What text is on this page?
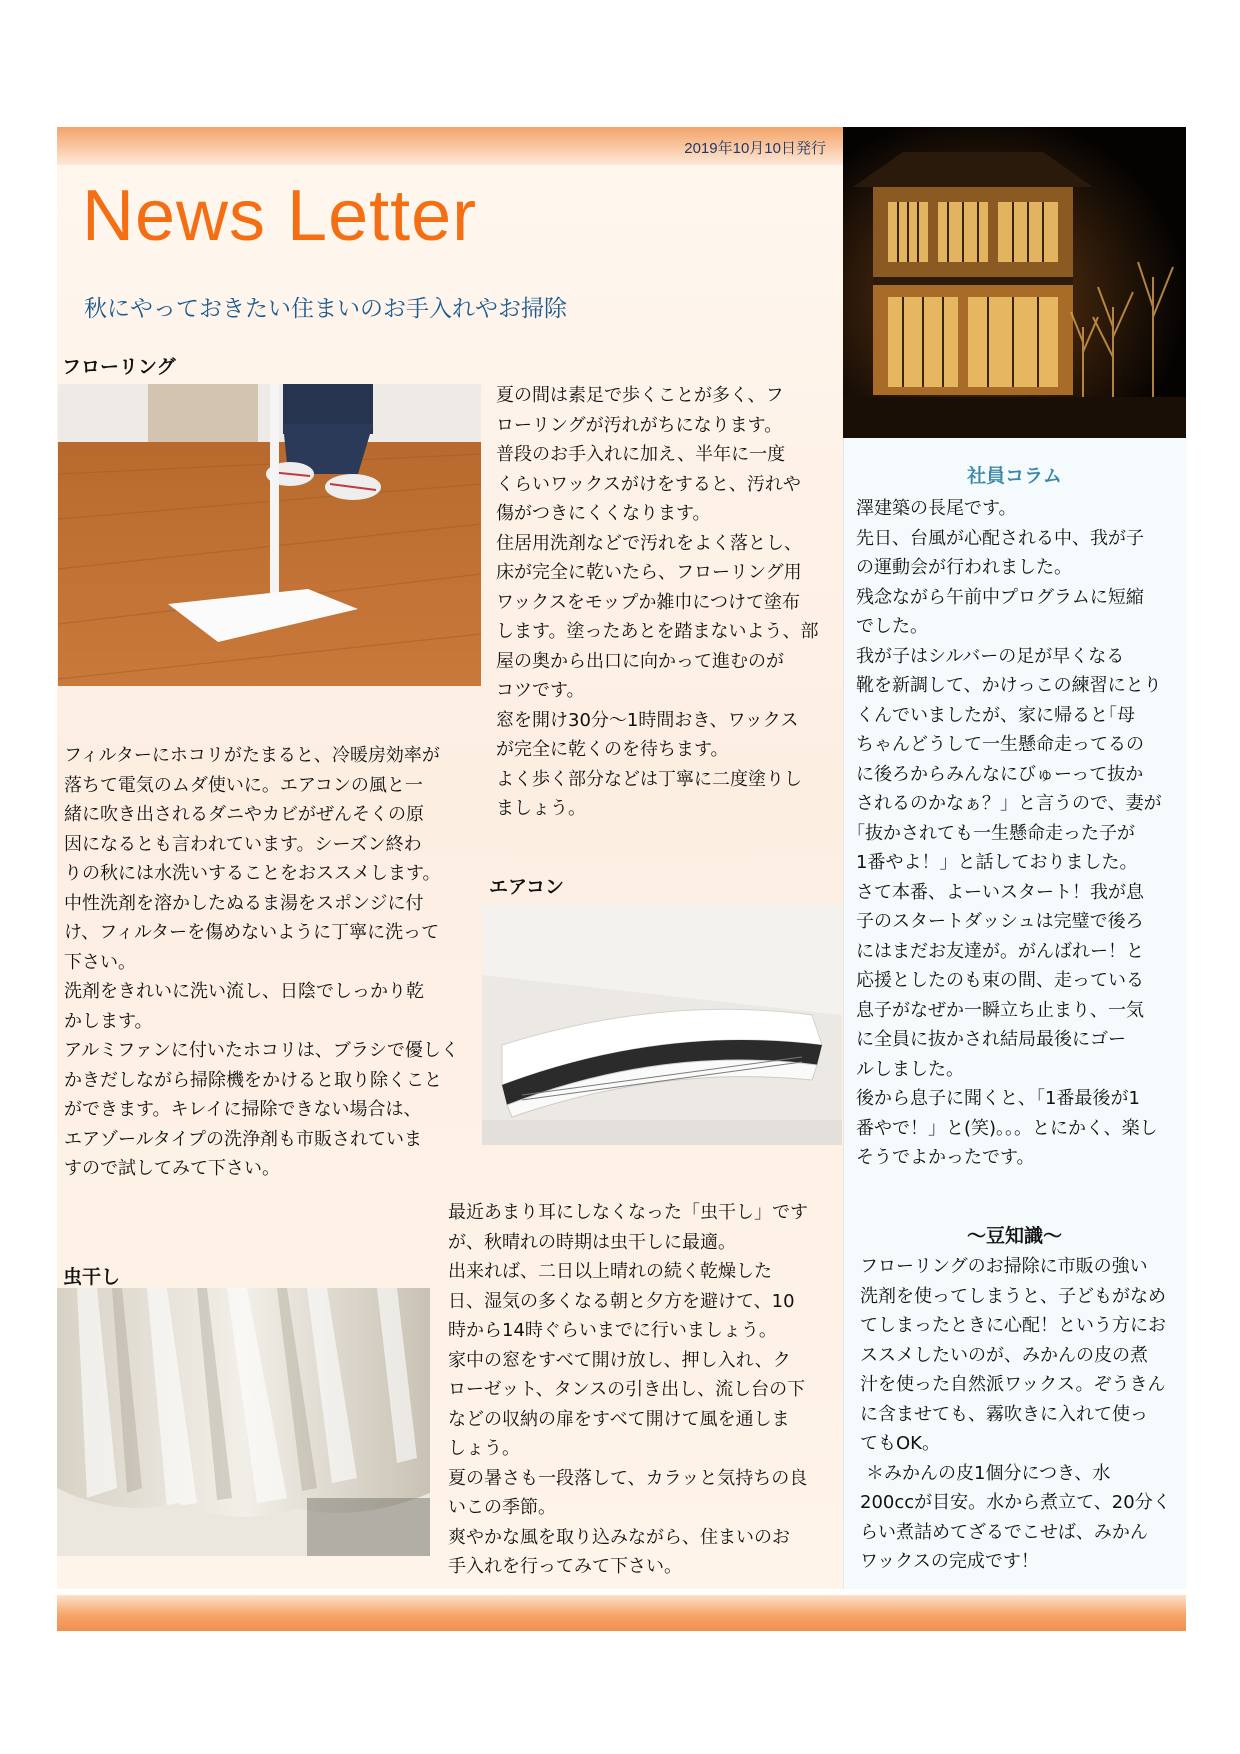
2019年10月10日発行
News Letter
秋にやっておきたい住まいのお手入れやお掃除
フローリング
夏の間は素足で歩くことが多く、フ
ローリングが汚れがちになります。
普段のお手入れに加え、半年に一度
くらいワックスがけをすると、汚れや
傷がつきにくくなります。
住居用洗剤などで汚れをよく落とし、
床が完全に乾いたら、フローリング用
ワックスをモップか雑巾につけて塗布
します。塗ったあとを踏まないよう、部
屋の奥から出口に向かって進むのが
コツです。
窓を開け30分～1時間おき、ワックス
が完全に乾くのを待ちます。
よく歩く部分などは丁寧に二度塗りし
ましょう。
フィルターにホコリがたまると、冷暖房効率が
落ちて電気のムダ使いに。エアコンの風と一
緒に吹き出されるダニやカビがぜんそくの原
因になるとも言われています。シーズン終わ
りの秋には水洗いすることをおススメします。
中性洗剤を溶かしたぬるま湯をスポンジに付
け、フィルターを傷めないように丁寧に洗って
下さい。
洗剤をきれいに洗い流し、日陰でしっかり乾
かします。
アルミファンに付いたホコリは、ブラシで優しく
かきだしながら掃除機をかけると取り除くこと
ができます。キレイに掃除できない場合は、
エアゾールタイプの洗浄剤も市販されていま
すので試してみて下さい。
エアコン
虫干し
最近あまり耳にしなくなった「虫干し」です
が、秋晴れの時期は虫干しに最適。
出来れば、二日以上晴れの続く乾燥した
日、湿気の多くなる朝と夕方を避けて、10
時から14時ぐらいまでに行いましょう。
家中の窓をすべて開け放し、押し入れ、ク
ローゼット、タンスの引き出し、流し台の下
などの収納の扉をすべて開けて風を通しま
しょう。
夏の暑さも一段落して、カラッと気持ちの良
いこの季節。
爽やかな風を取り込みながら、住まいのお
手入れを行ってみて下さい。
社員コラム
澤建築の長尾です。
先日、台風が心配される中、我が子
の運動会が行われました。
残念ながら午前中プログラムに短縮
でした。
我が子はシルバーの足が早くなる
靴を新調して、かけっこの練習にとり
くんでいましたが、家に帰ると｢母
ちゃんどうして一生懸命走ってるの
に後ろからみんなにびゅーって抜か
されるのかなぁ？」と言うので、妻が
｢抜かされても一生懸命走った子が
1番やよ！」と話しておりました。
さて本番、よーいスタート！我が息
子のスタートダッシュは完璧で後ろ
にはまだお友達が。がんばれー！と
応援としたのも束の間、走っている
息子がなぜか一瞬立ち止まり、一気
に全員に抜かされ結局最後にゴー
ルしました。
後から息子に聞くと、｢1番最後が1
番やで！」と(笑)。。。とにかく、楽し
そうでよかったです。
～豆知識～
フローリングのお掃除に市販の強い
洗剤を使ってしまうと、子どもがなめ
てしまったときに心配！という方にお
ススメしたいのが、みかんの皮の煮
汁を使った自然派ワックス。ぞうきん
に含ませても、霧吹きに入れて使っ
てもOK。
＊みかんの皮1個分につき、水
200ccが目安。水から煮立て、20分く
らい煮詰めてざるでこせば、みかん
ワックスの完成です！
